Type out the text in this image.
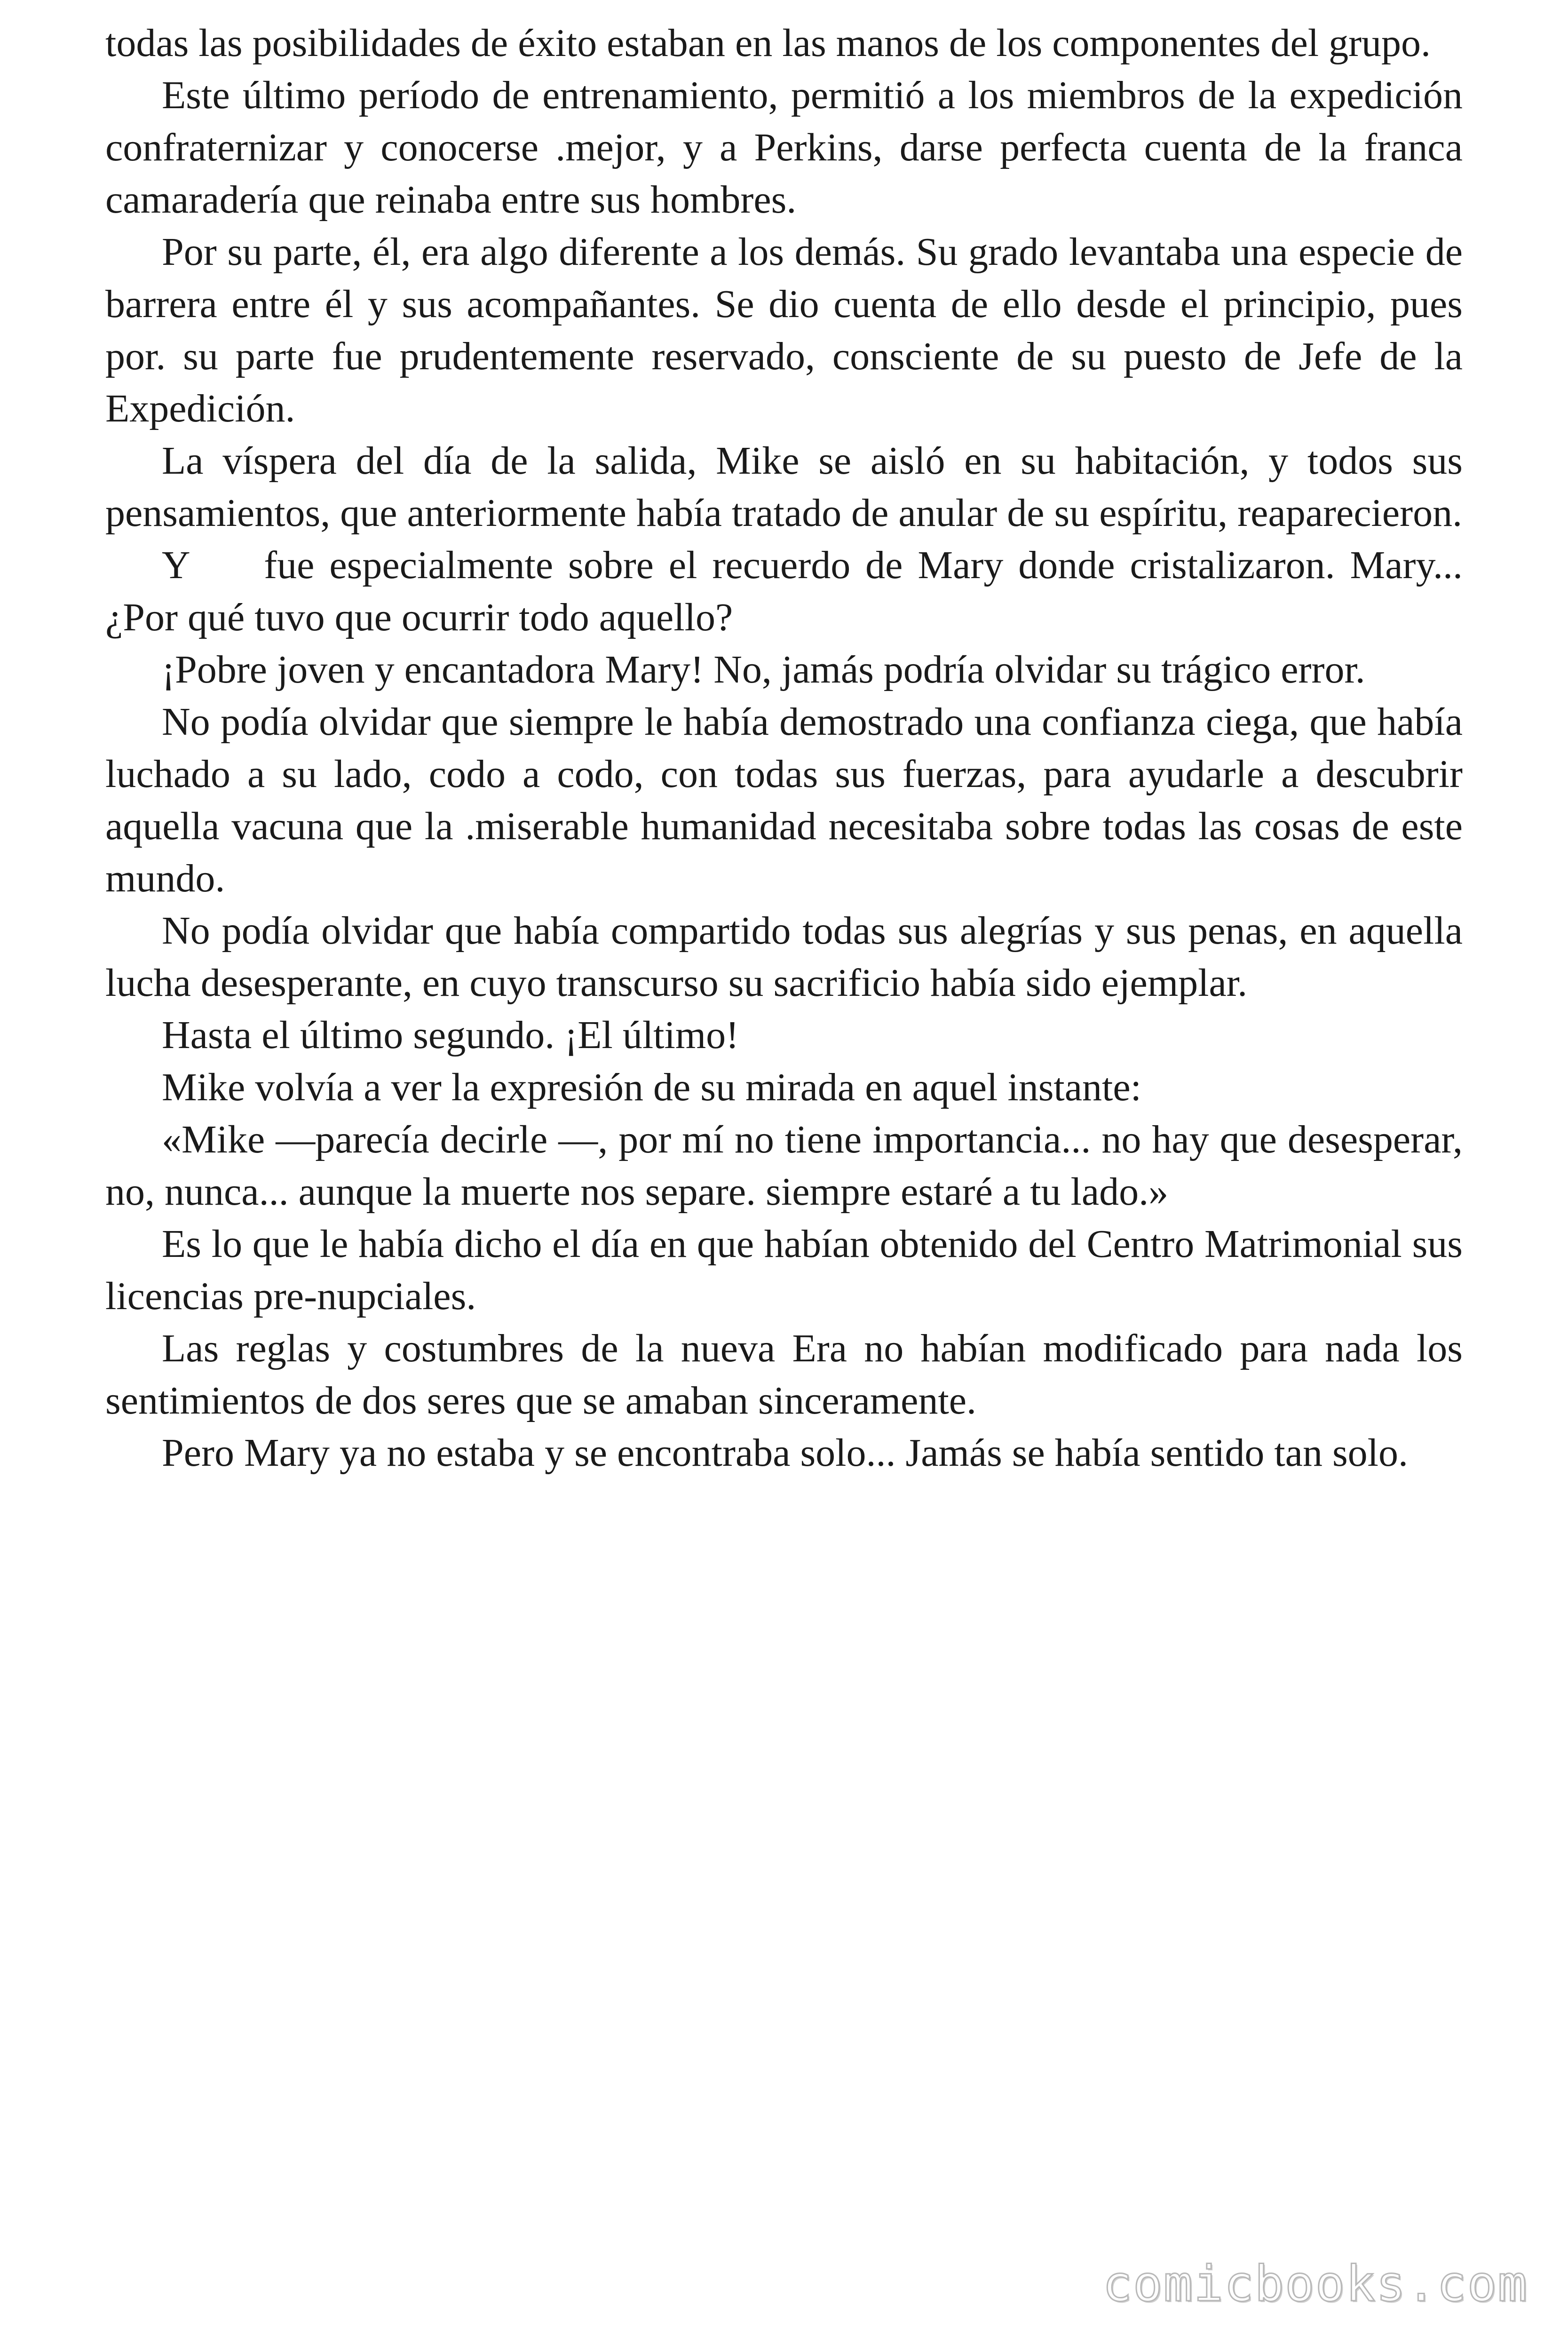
todas las posibilidades de éxito estaban en las manos de los componentes del grupo.

Este último período de entrenamiento, permitió a los miembros de la expedición confraternizar y conocerse .mejor, y a Perkins, darse perfecta cuenta de la franca camaradería que reinaba entre sus hombres.

Por su parte, él, era algo diferente a los demás. Su grado levantaba una especie de barrera entre él y sus acompañantes. Se dio cuenta de ello desde el principio, pues por. su parte fue prudentemente reservado, consciente de su puesto de Jefe de la Expedición.

La víspera del día de la salida, Mike se aisló en su habitación, y todos sus pensamientos, que anteriormente había tratado de anular de su espíritu, reaparecieron.

Y     fue especialmente sobre el recuerdo de Mary donde cristalizaron. Mary... ¿Por qué tuvo que ocurrir todo aquello?

¡Pobre joven y encantadora Mary! No, jamás podría olvidar su trágico error.

No podía olvidar que siempre le había demostrado una confianza ciega, que había luchado a su lado, codo a codo, con todas sus fuerzas, para ayudarle a descubrir aquella vacuna que la .miserable humanidad necesitaba sobre todas las cosas de este mundo.

No podía olvidar que había compartido todas sus alegrías y sus penas, en aquella lucha desesperante, en cuyo transcurso su sacrificio había sido ejemplar.

Hasta el último segundo. ¡El último!

Mike volvía a ver la expresión de su mirada en aquel instante:

«Mike —parecía decirle —, por mí no tiene importancia... no hay que desesperar, no, nunca... aunque la muerte nos separe. siempre estaré a tu lado.»

Es lo que le había dicho el día en que habían obtenido del Centro Matrimonial sus licencias pre-nupciales.

Las reglas y costumbres de la nueva Era no habían modificado para nada los sentimientos de dos seres que se amaban sinceramente.

Pero Mary ya no estaba y se encontraba solo... Jamás se había sentido tan solo.

comicbooks.com
